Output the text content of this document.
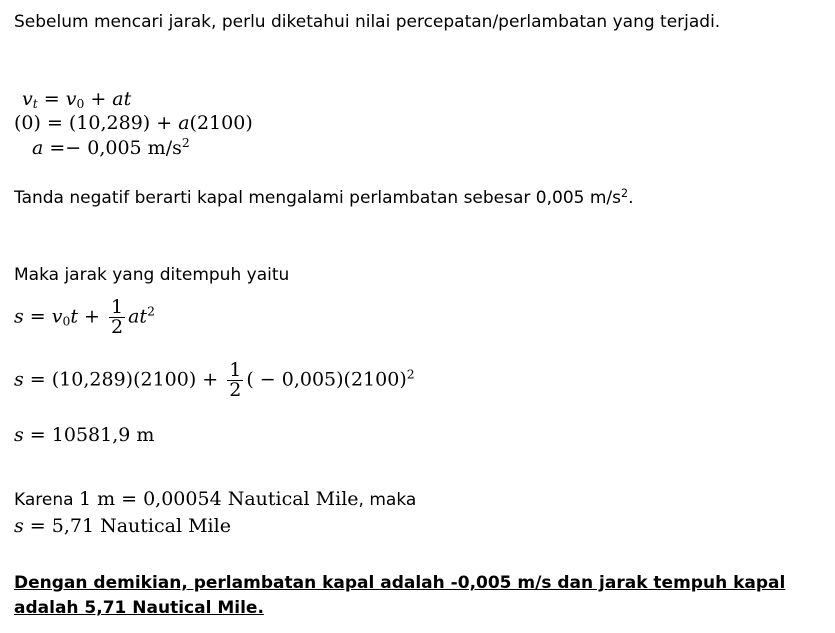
Sebelum mencari jarak, perlu diketahui nilai percepatan/perlambatan yang terjadi.
$v_t = v_0$ + at
(0) = (10,289) + a(2100)
a =− 0,005 $m/s^2$
Tanda negatif berarti kapal mengalami perlambatan sebesar 0,005 $m/s^2$.
Maka jarak yang ditempuh yaitu
$s = v_0t + \frac{1}{2} at^2$
$s = (10,289)(2100) + \frac{1}{2}$ ( − $0,005)(2100)^2$
s = 10581,9 m
Karena 1 m = 0,00054 Nautical Mile, maka
s = 5,71 Nautical Mile
Dengan demikian, perlambatan kapal adalah -0,005 m/s dan jarak tempuh kapal adalah 5,71 Nautical Mile.
